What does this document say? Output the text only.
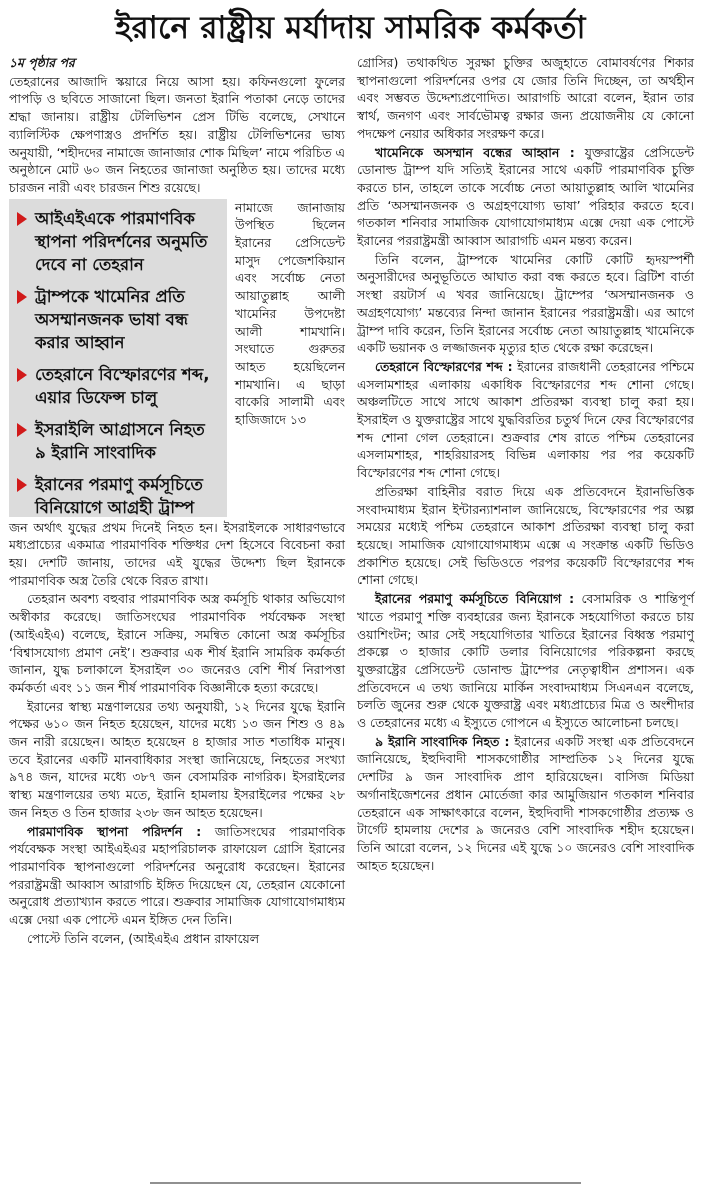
ইরানে রাষ্ট্রীয় মর্যাদায় সামরিক কর্মকর্তা

১ম পৃষ্ঠার পর

তেহরানের আজাদি স্কয়ারে নিয়ে আসা হয়। কফিনগুলো ফুলের পাপড়ি ও ছবিতে সাজানো ছিল। জনতা ইরানি পতাকা নেড়ে তাদের শ্রদ্ধা জানায়। রাষ্ট্রীয় টেলিভিশন প্রেস টিভি বলেছে, সেখানে ব্যালিস্টিক ক্ষেপণাস্ত্রও প্রদর্শিত হয়। রাষ্ট্রীয় টেলিভিশনের ভাষ্য অনুযায়ী, ‘শহীদদের নামাজে জানাজার শোক মিছিল’ নামে পরিচিত এ অনুষ্ঠানে মোট ৬০ জন নিহতের জানাজা অনুষ্ঠিত হয়। তাদের মধ্যে চারজন নারী এবং চারজন শিশু রয়েছে।

আইএইএকে পারমাণবিক স্থাপনা পরিদর্শনের অনুমতি দেবে না তেহরান
ট্রাম্পকে খামেনির প্রতি অসম্মানজনক ভাষা বন্ধ করার আহ্বান
তেহরানে বিস্ফোরণের শব্দ, এয়ার ডিফেন্স চালু
ইসরাইলি আগ্রাসনে নিহত ৯ ইরানি সাংবাদিক
ইরানের পরমাণু কর্মসূচিতে বিনিয়োগে আগ্রহী ট্রাম্প
নামাজে জানাজায় উপস্থিত ছিলেন ইরানের প্রেসিডেন্ট মাসুদ পেজেশকিয়ান এবং সর্বোচ্চ নেতা আয়াতুল্লাহ আলী খামেনির উপদেষ্টা আলী শামখানি। সংঘাতে গুরুতর আহত হয়েছিলেন শামখানি। এ ছাড়া বাকেরি সালামী এবং হাজিজাদে ১৩

জন অর্থাৎ যুদ্ধের প্রথম দিনেই নিহত হন। ইসরাইলকে সাধারণভাবে মধ্যপ্রাচ্যের একমাত্র পারমাণবিক শক্তিধর দেশ হিসেবে বিবেচনা করা হয়। দেশটি জানায়, তাদের এই যুদ্ধের উদ্দেশ্য ছিল ইরানকে পারমাণবিক অস্ত্র তৈরি থেকে বিরত রাখা।

তেহরান অবশ্য বহুবার পারমাণবিক অস্ত্র কর্মসূচি থাকার অভিযোগ অস্বীকার করেছে। জাতিসংঘের পারমাণবিক পর্যবেক্ষক সংস্থা (আইএইএ) বলেছে, ইরানে সক্রিয়, সমন্বিত কোনো অস্ত্র কর্মসূচির ‘বিশ্বাসযোগ্য প্রমাণ নেই’। শুক্রবার এক শীর্ষ ইরানি সামরিক কর্মকর্তা জানান, যুদ্ধ চলাকালে ইসরাইল ৩০ জনেরও বেশি শীর্ষ নিরাপত্তা কর্মকর্তা এবং ১১ জন শীর্ষ পারমাণবিক বিজ্ঞানীকে হত্যা করেছে।

ইরানের স্বাস্থ্য মন্ত্রণালয়ের তথ্য অনুযায়ী, ১২ দিনের যুদ্ধে ইরানি পক্ষের ৬১০ জন নিহত হয়েছেন, যাদের মধ্যে ১৩ জন শিশু ও ৪৯ জন নারী রয়েছেন। আহত হয়েছেন ৪ হাজার সাত শতাধিক মানুষ। তবে ইরানের একটি মানবাধিকার সংস্থা জানিয়েছে, নিহতের সংখ্যা ৯৭৪ জন, যাদের মধ্যে ৩৮৭ জন বেসামরিক নাগরিক। ইসরাইলের স্বাস্থ্য মন্ত্রণালয়ের তথ্য মতে, ইরানি হামলায় ইসরাইলের পক্ষের ২৮ জন নিহত ও তিন হাজার ২৩৮ জন আহত হয়েছেন।

পারমাণবিক স্থাপনা পরিদর্শন : জাতিসংঘের পারমাণবিক পর্যবেক্ষক সংস্থা আইএইএর মহাপরিচালক রাফায়েল গ্রোসি ইরানের পারমাণবিক স্থাপনাগুলো পরিদর্শনের অনুরোধ করেছেন। ইরানের পররাষ্ট্রমন্ত্রী আব্বাস আরাগচি ইঙ্গিত দিয়েছেন যে, তেহরান যেকোনো অনুরোধ প্রত্যাখ্যান করতে পারে। শুক্রবার সামাজিক যোগাযোগমাধ্যম এক্সে দেয়া এক পোস্টে এমন ইঙ্গিত দেন তিনি।

পোস্টে তিনি বলেন, (আইএইএ প্রধান রাফায়েল

গ্রোসির) তথাকথিত সুরক্ষা চুক্তির অজুহাতে বোমাবর্ষণের শিকার স্থাপনাগুলো পরিদর্শনের ওপর যে জোর তিনি দিচ্ছেন, তা অর্থহীন এবং সম্ভবত উদ্দেশ্যপ্রণোদিত। আরাগচি আরো বলেন, ইরান তার স্বার্থ, জনগণ এবং সার্বভৌমত্ব রক্ষার জন্য প্রয়োজনীয় যে কোনো পদক্ষেপ নেয়ার অধিকার সংরক্ষণ করে।

খামেনিকে অসম্মান বন্ধের আহ্বান : যুক্তরাষ্ট্রের প্রেসিডেন্ট ডোনাল্ড ট্রাম্প যদি সত্যিই ইরানের সাথে একটি পারমাণবিক চুক্তি করতে চান, তাহলে তাকে সর্বোচ্চ নেতা আয়াতুল্লাহ আলি খামেনির প্রতি ‘অসম্মানজনক ও অগ্রহণযোগ্য ভাষা’ পরিহার করতে হবে। গতকাল শনিবার সামাজিক যোগাযোগমাধ্যম এক্সে দেয়া এক পোস্টে ইরানের পররাষ্ট্রমন্ত্রী আব্বাস আরাগচি এমন মন্তব্য করেন।

তিনি বলেন, ট্রাম্পকে খামেনির কোটি কোটি হৃদয়স্পর্শী অনুসারীদের অনুভূতিতে আঘাত করা বন্ধ করতে হবে। ব্রিটিশ বার্তা সংস্থা রয়টার্স এ খবর জানিয়েছে। ট্রাম্পের ‘অসম্মানজনক ও অগ্রহণযোগ্য’ মন্তব্যের নিন্দা জানান ইরানের পররাষ্ট্রমন্ত্রী। এর আগে ট্রাম্প দাবি করেন, তিনি ইরানের সর্বোচ্চ নেতা আয়াতুল্লাহ খামেনিকে একটি ভয়ানক ও লজ্জাজনক মৃত্যুর হাত থেকে রক্ষা করেছেন।

তেহরানে বিস্ফোরণের শব্দ : ইরানের রাজধানী তেহরানের পশ্চিমে এসলামশাহর এলাকায় একাধিক বিস্ফোরণের শব্দ শোনা গেছে। অঞ্চলটিতে সাথে সাথে আকাশ প্রতিরক্ষা ব্যবস্থা চালু করা হয়। ইসরাইল ও যুক্তরাষ্ট্রের সাথে যুদ্ধবিরতির চতুর্থ দিনে ফের বিস্ফোরণের শব্দ শোনা গেল তেহরানে। শুক্রবার শেষ রাতে পশ্চিম তেহরানের এসলামশাহর, শাহরিয়ারসহ বিভিন্ন এলাকায় পর পর কয়েকটি বিস্ফোরণের শব্দ শোনা গেছে।

প্রতিরক্ষা বাহিনীর বরাত দিয়ে এক প্রতিবেদনে ইরানভিত্তিক সংবাদমাধ্যম ইরান ইন্টারন্যাশনাল জানিয়েছে, বিস্ফোরণের পর অল্প সময়ের মধ্যেই পশ্চিম তেহরানে আকাশ প্রতিরক্ষা ব্যবস্থা চালু করা হয়েছে। সামাজিক যোগাযোগমাধ্যম এক্সে এ সংক্রান্ত একটি ভিডিও প্রকাশিত হয়েছে। সেই ভিডিওতে পরপর কয়েকটি বিস্ফোরণের শব্দ শোনা গেছে।

ইরানের পরমাণু কর্মসূচিতে বিনিয়োগ : বেসামরিক ও শান্তিপূর্ণ খাতে পরমাণু শক্তি ব্যবহারের জন্য ইরানকে সহযোগিতা করতে চায় ওয়াশিংটন; আর সেই সহযোগিতার খাতিরে ইরানের বিধ্বস্ত পরমাণু প্রকল্পে ৩ হাজার কোটি ডলার বিনিয়োগের পরিকল্পনা করছে যুক্তরাষ্ট্রের প্রেসিডেন্ট ডোনাল্ড ট্রাম্পের নেতৃত্বাধীন প্রশাসন। এক প্রতিবেদনে এ তথ্য জানিয়ে মার্কিন সংবাদমাধ্যম সিএনএন বলেছে, চলতি জুনের শুরু থেকে যুক্তরাষ্ট্র এবং মধ্যপ্রাচ্যের মিত্র ও অংশীদার ও তেহরানের মধ্যে এ ইস্যুতে গোপনে এ ইস্যুতে আলোচনা চলছে।

৯ ইরানি সাংবাদিক নিহত : ইরানের একটি সংস্থা এক প্রতিবেদনে জানিয়েছে, ইহুদিবাদী শাসকগোষ্ঠীর সাম্প্রতিক ১২ দিনের যুদ্ধে দেশটির ৯ জন সাংবাদিক প্রাণ হারিয়েছেন। বাসিজ মিডিয়া অর্গানাইজেশনের প্রধান মোর্তেজা কার আমুজিয়ান গতকাল শনিবার তেহরানে এক সাক্ষাৎকারে বলেন, ইহুদিবাদী শাসকগোষ্ঠীর প্রত্যক্ষ ও টার্গেট হামলায় দেশের ৯ জনেরও বেশি সাংবাদিক শহীদ হয়েছেন। তিনি আরো বলেন, ১২ দিনের এই যুদ্ধে ১০ জনেরও বেশি সাংবাদিক আহত হয়েছেন।
